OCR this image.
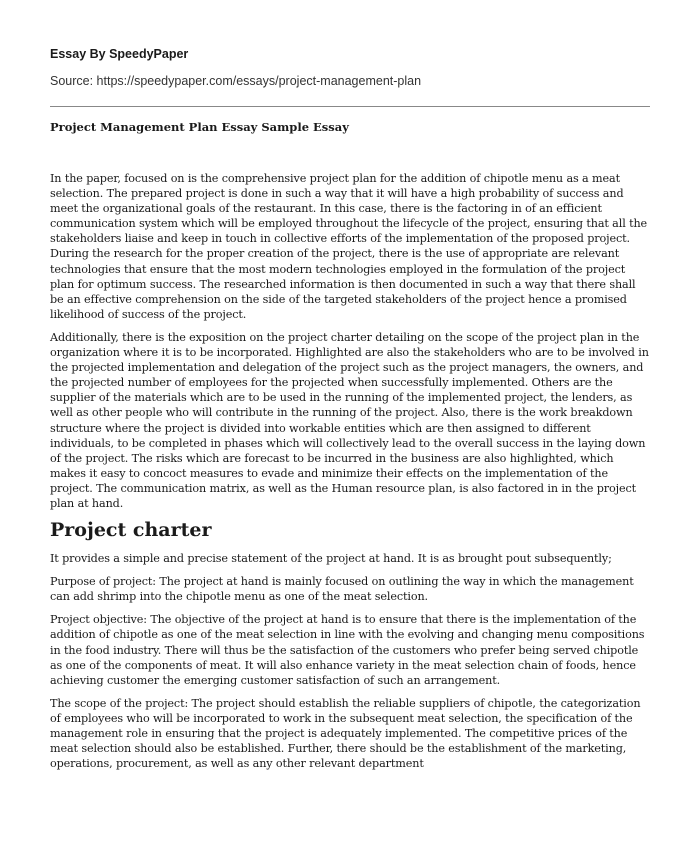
Essay By SpeedyPaper

Source: https://speedypaper.com/essays/project-management-plan

Project Management Plan Essay Sample Essay

In the paper, focused on is the comprehensive project plan for the addition of chipotle menu as a meat selection. The prepared project is done in such a way that it will have a high probability of success and meet the organizational goals of the restaurant. In this case, there is the factoring in of an efficient communication system which will be employed throughout the lifecycle of the project, ensuring that all the stakeholders liaise and keep in touch in collective efforts of the implementation of the proposed project. During the research for the proper creation of the project, there is the use of appropriate are relevant technologies that ensure that the most modern technologies employed in the formulation of the project plan for optimum success. The researched information is then documented in such a way that there shall be an effective comprehension on the side of the targeted stakeholders of the project hence a promised likelihood of success of the project.

Additionally, there is the exposition on the project charter detailing on the scope of the project plan in the organization where it is to be incorporated. Highlighted are also the stakeholders who are to be involved in the projected implementation and delegation of the project such as the project managers, the owners, and the projected number of employees for the projected when successfully implemented. Others are the supplier of the materials which are to be used in the running of the implemented project, the lenders, as well as other people who will contribute in the running of the project. Also, there is the work breakdown structure where the project is divided into workable entities which are then assigned to different individuals, to be completed in phases which will collectively lead to the overall success in the laying down of the project. The risks which are forecast to be incurred in the business are also highlighted, which makes it easy to concoct measures to evade and minimize their effects on the implementation of the project. The communication matrix, as well as the Human resource plan, is also factored in in the project plan at hand.

Project charter

It provides a simple and precise statement of the project at hand. It is as brought pout subsequently;

Purpose of project: The project at hand is mainly focused on outlining the way in which the management can add shrimp into the chipotle menu as one of the meat selection.

Project objective: The objective of the project at hand is to ensure that there is the implementation of the addition of chipotle as one of the meat selection in line with the evolving and changing menu compositions in the food industry. There will thus be the satisfaction of the customers who prefer being served chipotle as one of the components of meat. It will also enhance variety in the meat selection chain of foods, hence achieving customer the emerging customer satisfaction of such an arrangement.

The scope of the project: The project should establish the reliable suppliers of chipotle, the categorization of employees who will be incorporated to work in the subsequent meat selection, the specification of the management role in ensuring that the project is adequately implemented. The competitive prices of the meat selection should also be established. Further, there should be the establishment of the marketing, operations, procurement, as well as any other relevant department
